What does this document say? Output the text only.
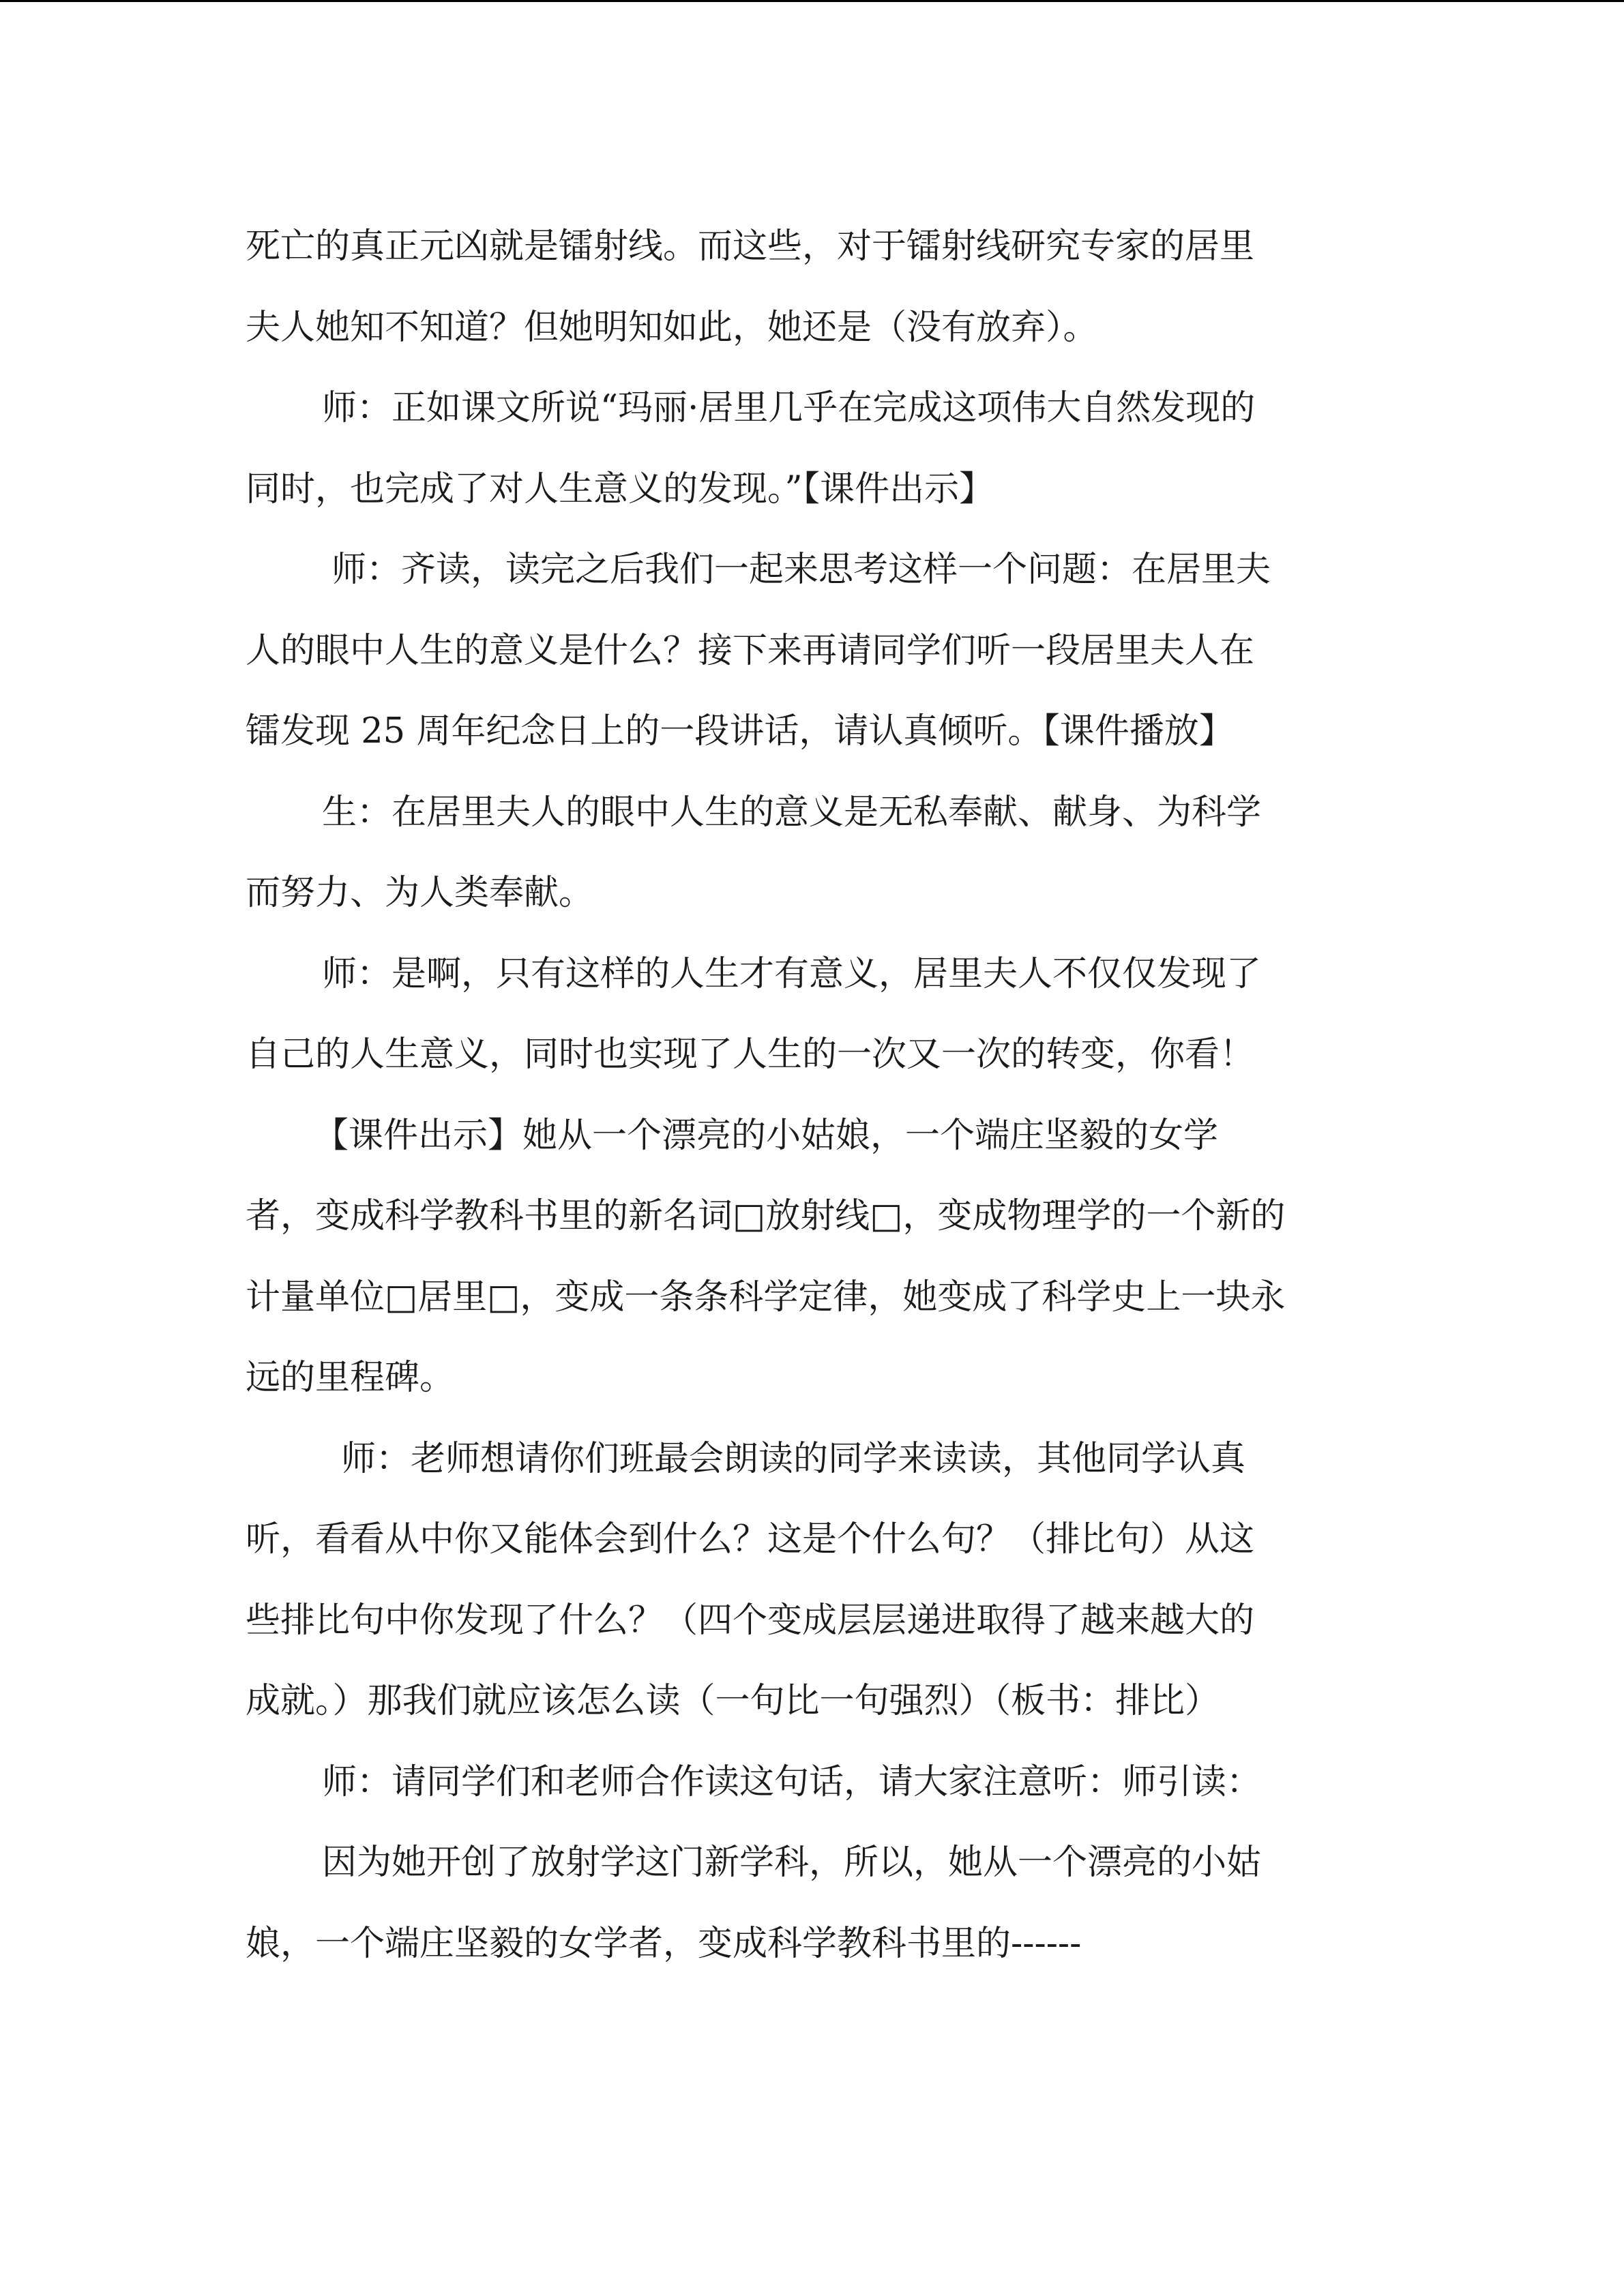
死亡的真正元凶就是镭射线。而这些，对于镭射线研究专家的居里
夫人她知不知道？但她明知如此，她还是（没有放弃）。

师：正如课文所说“玛丽·居里几乎在完成这项伟大自然发现的
同时，也完成了对人生意义的发现。”【课件出示】

师：齐读，读完之后我们一起来思考这样一个问题：在居里夫
人的眼中人生的意义是什么？接下来再请同学们听一段居里夫人在
镭发现 25 周年纪念日上的一段讲话，请认真倾听。【课件播放】

生：在居里夫人的眼中人生的意义是无私奉献、献身、为科学
而努力、为人类奉献。

师：是啊，只有这样的人生才有意义，居里夫人不仅仅发现了
自己的人生意义，同时也实现了人生的一次又一次的转变，你看！

【课件出示】她从一个漂亮的小姑娘，一个端庄坚毅的女学
者，变成科学教科书里的新名词□放射线□，变成物理学的一个新的
计量单位□居里□，变成一条条科学定律，她变成了科学史上一块永
远的里程碑。

师：老师想请你们班最会朗读的同学来读读，其他同学认真
听，看看从中你又能体会到什么？这是个什么句？（排比句）从这
些排比句中你发现了什么？（四个变成层层递进取得了越来越大的
成就。）那我们就应该怎么读（一句比一句强烈）（板书：排比）

师：请同学们和老师合作读这句话，请大家注意听：师引读：

因为她开创了放射学这门新学科，所以，她从一个漂亮的小姑
娘，一个端庄坚毅的女学者，变成科学教科书里的------
